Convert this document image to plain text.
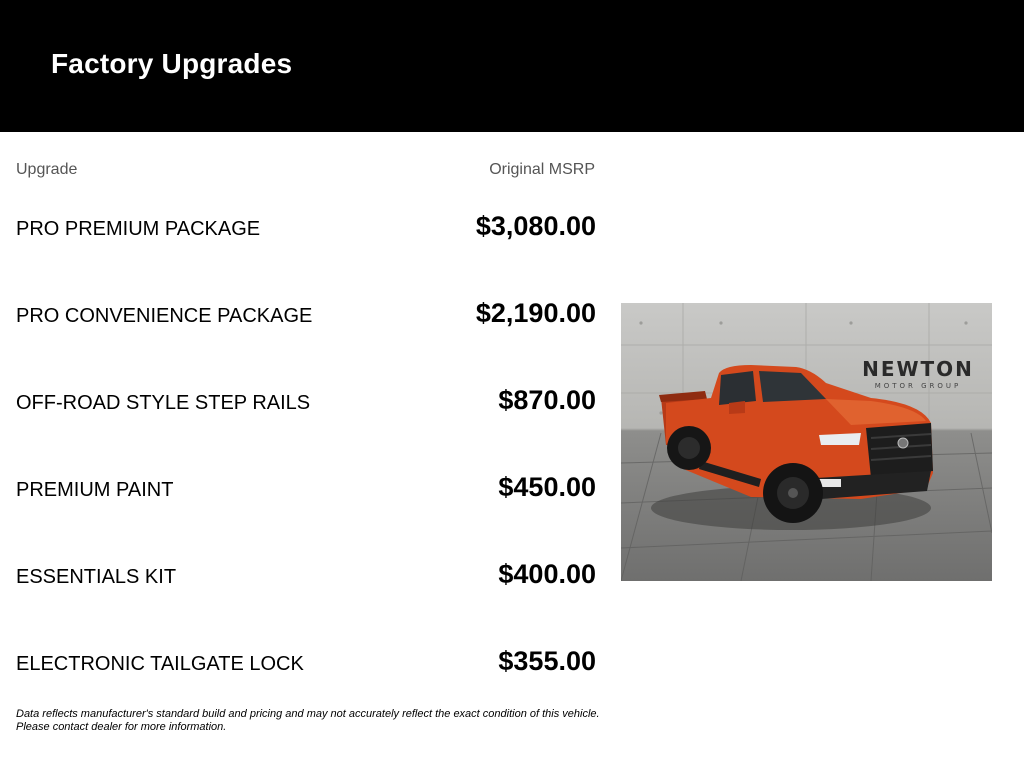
Factory Upgrades
Upgrade	Original MSRP
PRO PREMIUM PACKAGE	$3,080.00
PRO CONVENIENCE PACKAGE	$2,190.00
OFF-ROAD STYLE STEP RAILS	$870.00
PREMIUM PAINT	$450.00
ESSENTIALS KIT	$400.00
ELECTRONIC TAILGATE LOCK	$355.00
Data reflects manufacturer's standard build and pricing and may not accurately reflect the exact condition of this vehicle.
Please contact dealer for more information.
NEWTON
MOTOR GROUP
